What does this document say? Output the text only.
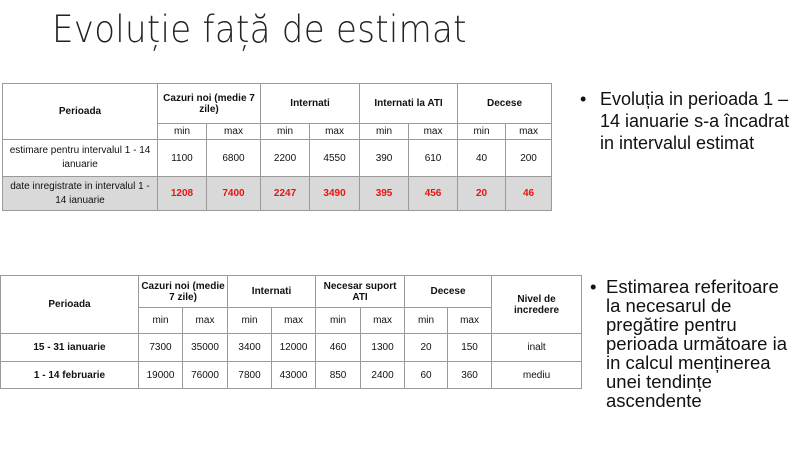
Evoluție față de estimat
Perioada	Cazuri noi (medie 7 zile)		Internati		Internati la ATI		Decese	
	min	max	min	max	min	max	min	max
estimare pentru intervalul 1 - 14 ianuarie	1100	6800	2200	4550	390	610	40	200
date inregistrate in intervalul 1 - 14 ianuarie	1208	7400	2247	3490	395	456	20	46
• Evoluția in perioada 1 – 14 ianuarie s-a încadrat in intervalul estimat
Perioada	Cazuri noi (medie 7 zile)		Internati		Necesar suport ATI		Decese		Nivel de incredere
	min	max	min	max	min	max	min	max	
15 - 31 ianuarie	7300	35000	3400	12000	460	1300	20	150	inalt
1 - 14 februarie	19000	76000	7800	43000	850	2400	60	360	mediu
• Estimarea referitoare la necesarul de pregătire pentru perioada următoare ia in calcul menținerea unei tendințe ascendente
